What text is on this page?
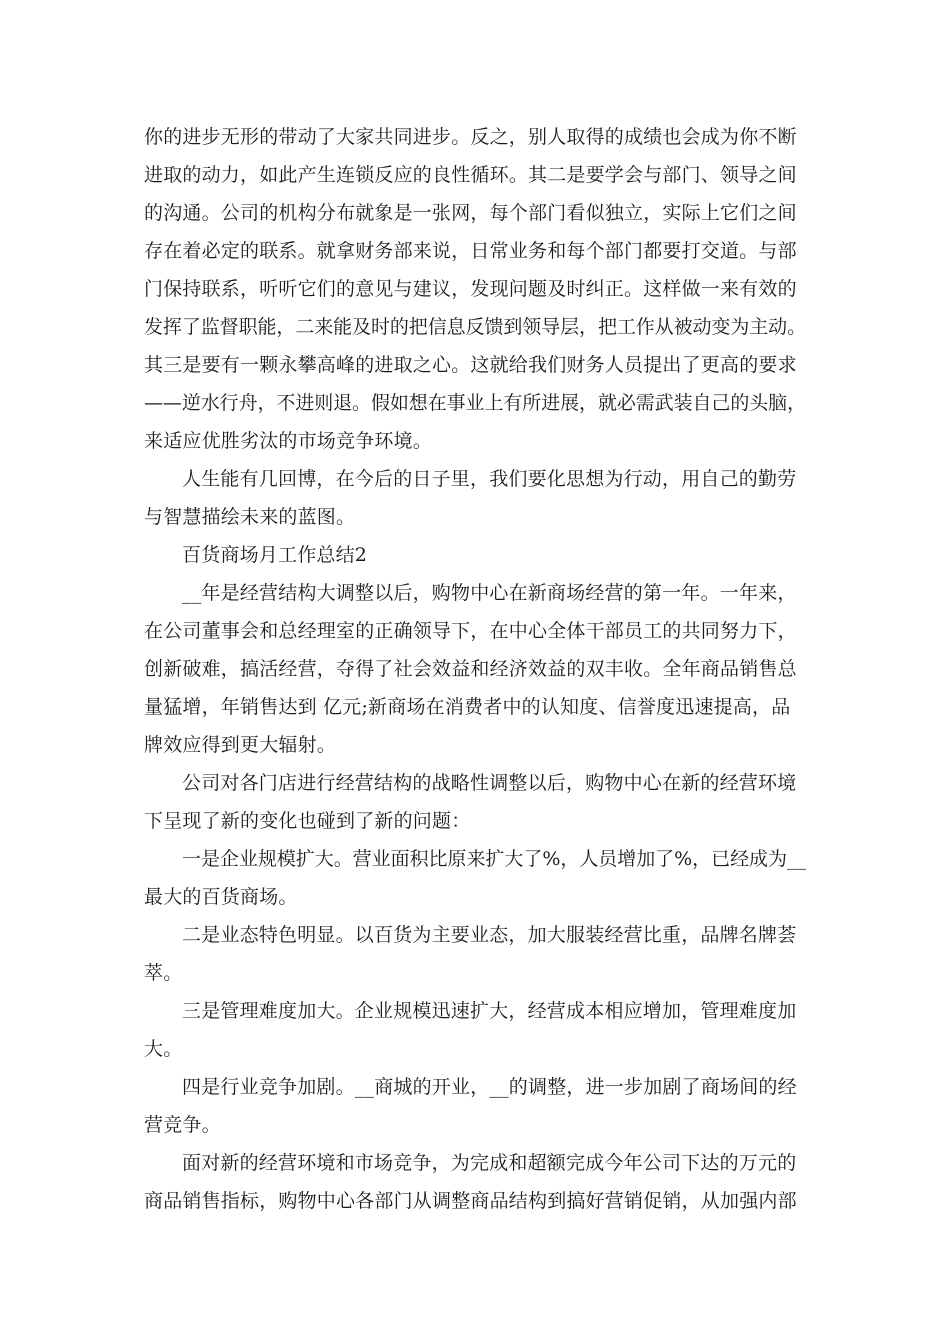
你的进步无形的带动了大家共同进步。反之，别人取得的成绩也会成为你不断
进取的动力，如此产生连锁反应的良性循环。其二是要学会与部门、领导之间
的沟通。公司的机构分布就象是一张网，每个部门看似独立，实际上它们之间
存在着必定的联系。就拿财务部来说，日常业务和每个部门都要打交道。与部
门保持联系，听听它们的意见与建议，发现问题及时纠正。这样做一来有效的
发挥了监督职能，二来能及时的把信息反馈到领导层，把工作从被动变为主动。
其三是要有一颗永攀高峰的进取之心。这就给我们财务人员提出了更高的要求
——逆水行舟，不进则退。假如想在事业上有所进展，就必需武装自己的头脑，
来适应优胜劣汰的市场竞争环境。
人生能有几回博，在今后的日子里，我们要化思想为行动，用自己的勤劳
与智慧描绘未来的蓝图。
百货商场月工作总结2
__年是经营结构大调整以后，购物中心在新商场经营的第一年。一年来，
在公司董事会和总经理室的正确领导下，在中心全体干部员工的共同努力下，
创新破难，搞活经营，夺得了社会效益和经济效益的双丰收。全年商品销售总
量猛增，年销售达到 亿元;新商场在消费者中的认知度、信誉度迅速提高，品
牌效应得到更大辐射。
公司对各门店进行经营结构的战略性调整以后，购物中心在新的经营环境
下呈现了新的变化也碰到了新的问题：
一是企业规模扩大。营业面积比原来扩大了%，人员增加了%，已经成为__
最大的百货商场。
二是业态特色明显。以百货为主要业态，加大服装经营比重，品牌名牌荟
萃。
三是管理难度加大。企业规模迅速扩大，经营成本相应增加，管理难度加
大。
四是行业竞争加剧。__商城的开业，__的调整，进一步加剧了商场间的经
营竞争。
面对新的经营环境和市场竞争，为完成和超额完成今年公司下达的万元的
商品销售指标，购物中心各部门从调整商品结构到搞好营销促销，从加强内部
